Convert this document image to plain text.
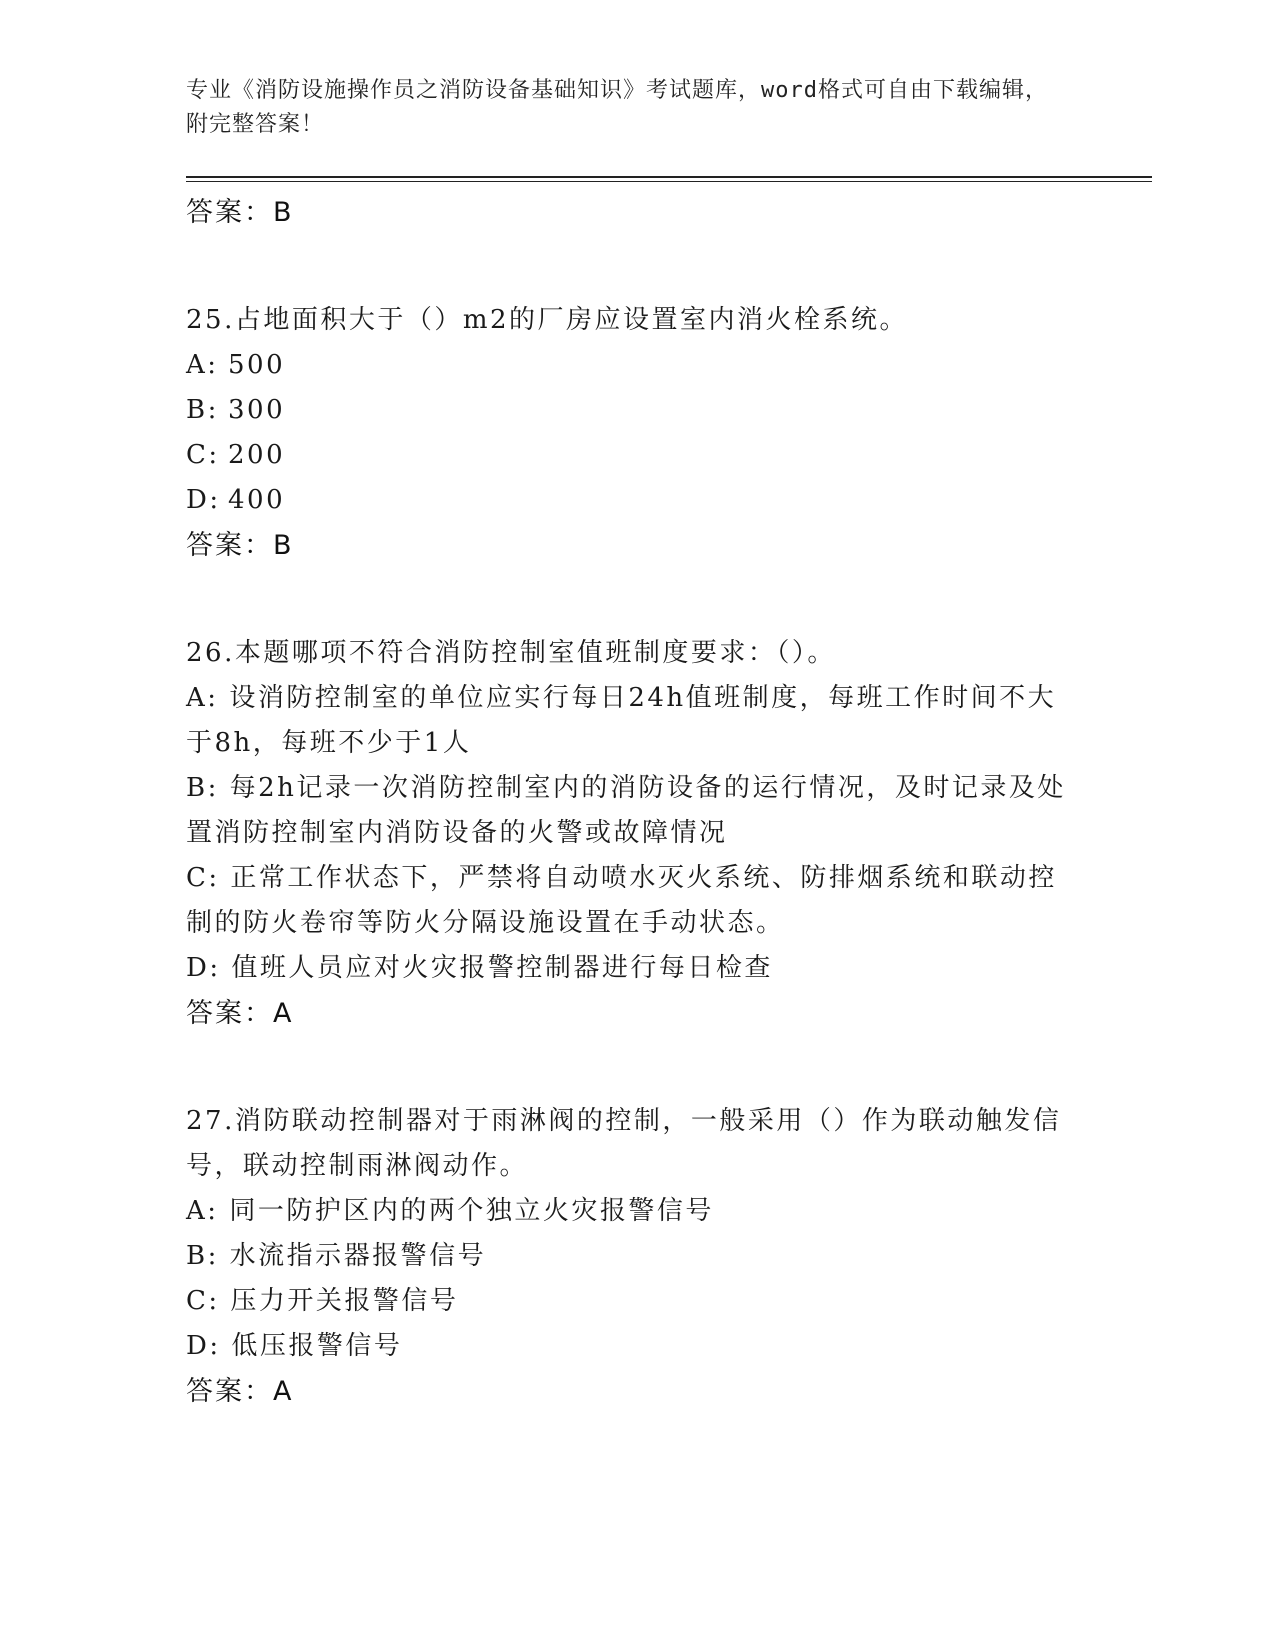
专业《消防设施操作员之消防设备基础知识》考试题库，word格式可自由下载编辑，附完整答案！
答案：B
25.占地面积大于（）m2的厂房应设置室内消火栓系统。
A: 500
B: 300
C: 200
D: 400
答案：B
26.本题哪项不符合消防控制室值班制度要求：（）。
A: 设消防控制室的单位应实行每日24h值班制度，每班工作时间不大于8h，每班不少于1人
B: 每2h记录一次消防控制室内的消防设备的运行情况，及时记录及处置消防控制室内消防设备的火警或故障情况
C: 正常工作状态下，严禁将自动喷水灭火系统、防排烟系统和联动控制的防火卷帘等防火分隔设施设置在手动状态。
D: 值班人员应对火灾报警控制器进行每日检查
答案：A
27.消防联动控制器对于雨淋阀的控制，一般采用（）作为联动触发信号，联动控制雨淋阀动作。
A: 同一防护区内的两个独立火灾报警信号
B: 水流指示器报警信号
C: 压力开关报警信号
D: 低压报警信号
答案：A
